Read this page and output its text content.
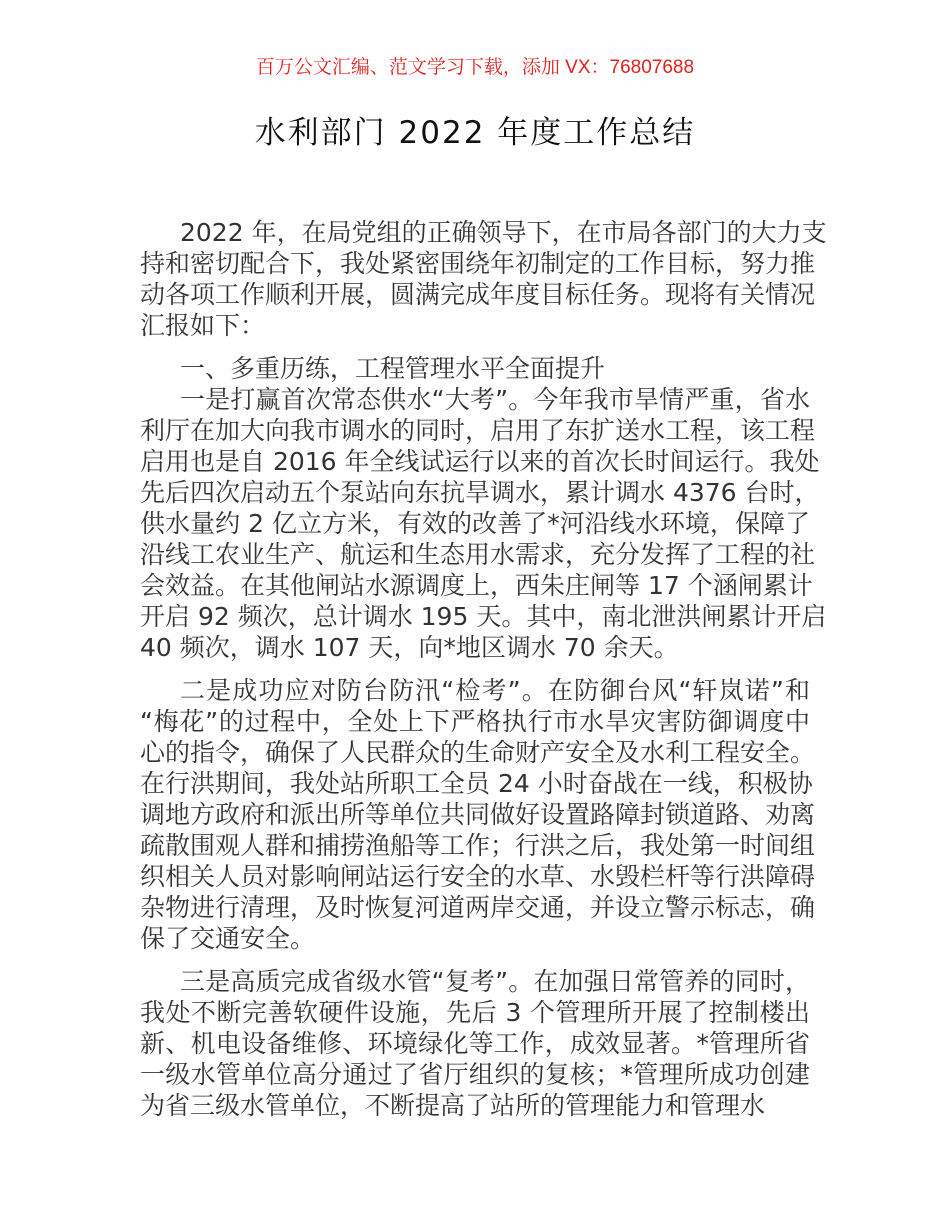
百万公文汇编、范文学习下载，添加 VX：76807688
水利部门 2022 年度工作总结
2022 年，在局党组的正确领导下，在市局各部门的大力支
持和密切配合下，我处紧密围绕年初制定的工作目标，努力推
动各项工作顺利开展，圆满完成年度目标任务。现将有关情况
汇报如下：
一、多重历练，工程管理水平全面提升
一是打赢首次常态供水“大考”。今年我市旱情严重，省水
利厅在加大向我市调水的同时，启用了东扩送水工程，该工程
启用也是自 2016 年全线试运行以来的首次长时间运行。我处
先后四次启动五个泵站向东抗旱调水，累计调水 4376 台时，
供水量约 2 亿立方米，有效的改善了*河沿线水环境，保障了
沿线工农业生产、航运和生态用水需求，充分发挥了工程的社
会效益。在其他闸站水源调度上，西朱庄闸等 17 个涵闸累计
开启 92 频次，总计调水 195 天。其中，南北泄洪闸累计开启
40 频次，调水 107 天，向*地区调水 70 余天。
二是成功应对防台防汛“检考”。在防御台风“轩岚诺”和
“梅花”的过程中，全处上下严格执行市水旱灾害防御调度中
心的指令，确保了人民群众的生命财产安全及水利工程安全。
在行洪期间，我处站所职工全员 24 小时奋战在一线，积极协
调地方政府和派出所等单位共同做好设置路障封锁道路、劝离
疏散围观人群和捕捞渔船等工作；行洪之后，我处第一时间组
织相关人员对影响闸站运行安全的水草、水毁栏杆等行洪障碍
杂物进行清理，及时恢复河道两岸交通，并设立警示标志，确
保了交通安全。
三是高质完成省级水管“复考”。在加强日常管养的同时，
我处不断完善软硬件设施，先后 3 个管理所开展了控制楼出
新、机电设备维修、环境绿化等工作，成效显著。*管理所省
一级水管单位高分通过了省厅组织的复核；*管理所成功创建
为省三级水管单位，不断提高了站所的管理能力和管理水
